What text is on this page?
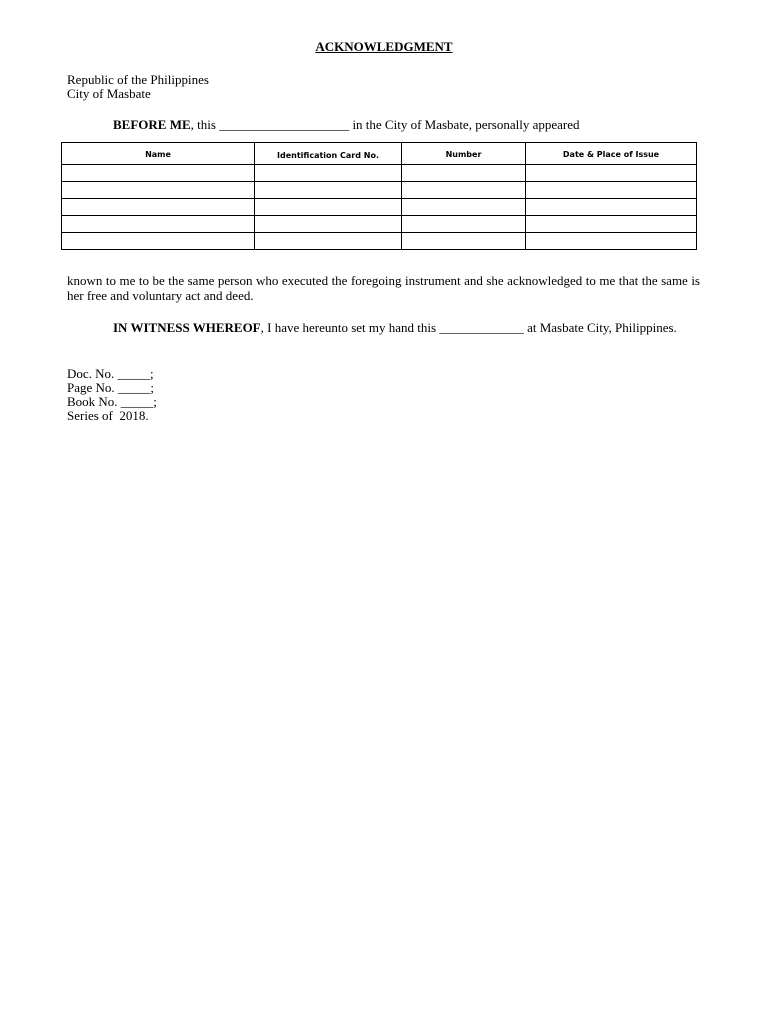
ACKNOWLEDGMENT
Republic of the Philippines
City of Masbate
BEFORE ME, this ____________________ in the City of Masbate, personally appeared
Name	Identification Card No.	Number	Date & Place of Issue

known to me to be the same person who executed the foregoing instrument and she acknowledged to me that the same is her free and voluntary act and deed.
IN WITNESS WHEREOF, I have hereunto set my hand this _____________ at Masbate City, Philippines.
Doc. No. _____;
Page No. _____;
Book No. _____;
Series of  2018.
